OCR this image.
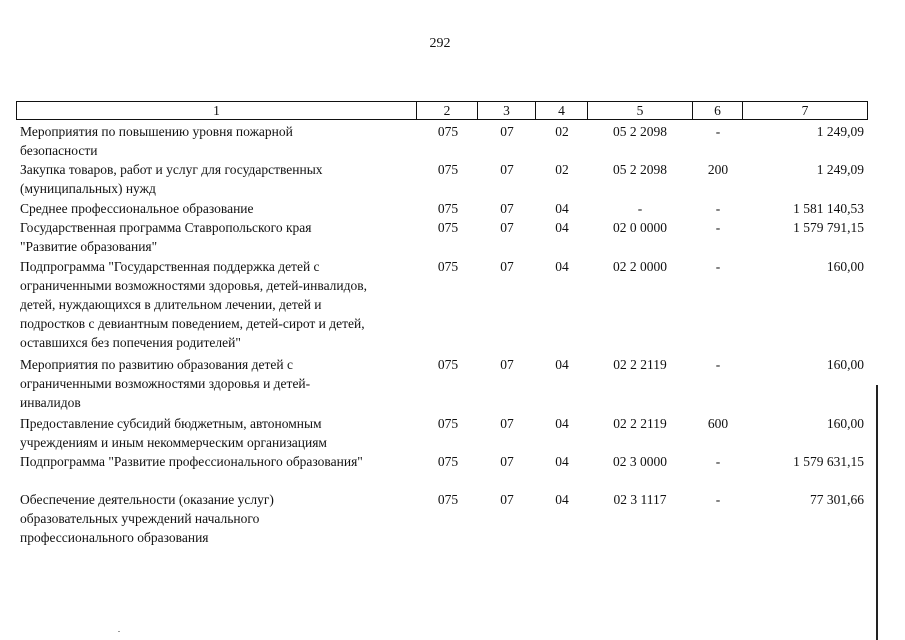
292
1	2	3	4	5	6	7
Мероприятия по повышению уровня пожарной
безопасности
075	07	02	05 2 2098	-	1 249,09
Закупка товаров, работ и услуг для государственных
(муниципальных) нужд
075	07	02	05 2 2098	200	1 249,09
Среднее профессиональное образование	075	07	04	-	-	1 581 140,53
Государственная программа Ставропольского края
"Развитие образования"
075	07	04	02 0 0000	-	1 579 791,15
Подпрограмма "Государственная поддержка детей с
ограниченными возможностями здоровья, детей-инвалидов,
детей, нуждающихся в длительном лечении, детей и
подростков с девиантным поведением, детей-сирот и детей,
оставшихся без попечения родителей"
075	07	04	02 2 0000	-	160,00
Мероприятия по развитию образования детей с
ограниченными возможностями здоровья и детей-
инвалидов
075	07	04	02 2 2119	-	160,00
Предоставление субсидий бюджетным, автономным
учреждениям и иным некоммерческим организациям
075	07	04	02 2 2119	600	160,00
Подпрограмма "Развитие профессионального образования"	075	07	04	02 3 0000	-	1 579 631,15
Обеспечение деятельности (оказание услуг)
образовательных учреждений начального
профессионального образования
075	07	04	02 3 1117	-	77 301,66
